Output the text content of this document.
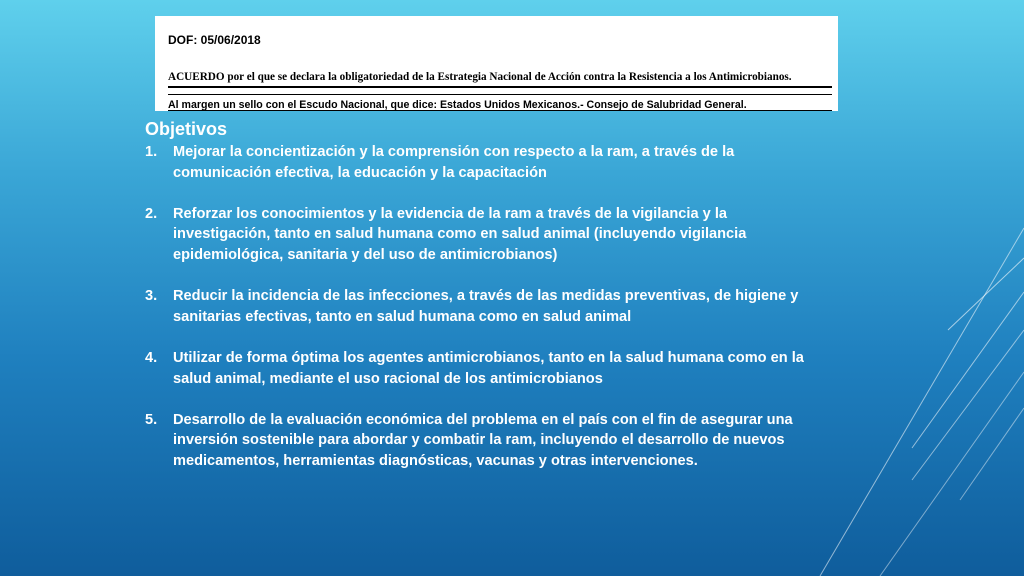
DOF: 05/06/2018
ACUERDO por el que se declara la obligatoriedad de la Estrategia Nacional de Acción contra la Resistencia a los Antimicrobianos.
Al margen un sello con el Escudo Nacional, que dice: Estados Unidos Mexicanos.- Consejo de Salubridad General.
Objetivos
1. Mejorar la concientización y la comprensión con respecto a la ram, a través de la comunicación efectiva, la educación y la capacitación
2. Reforzar los conocimientos y la evidencia de la ram a través de la vigilancia y la investigación, tanto en salud humana como en salud animal (incluyendo vigilancia epidemiológica, sanitaria y del uso de antimicrobianos)
3. Reducir la incidencia de las infecciones, a través de las medidas preventivas, de higiene y sanitarias efectivas, tanto en salud humana como en salud animal
4. Utilizar de forma óptima los agentes antimicrobianos, tanto en la salud humana como en la salud animal, mediante el uso racional de los antimicrobianos
5. Desarrollo de la evaluación económica del problema en el país con el fin de asegurar una inversión sostenible para abordar y combatir la ram, incluyendo el desarrollo de nuevos medicamentos, herramientas diagnósticas, vacunas y otras intervenciones.
